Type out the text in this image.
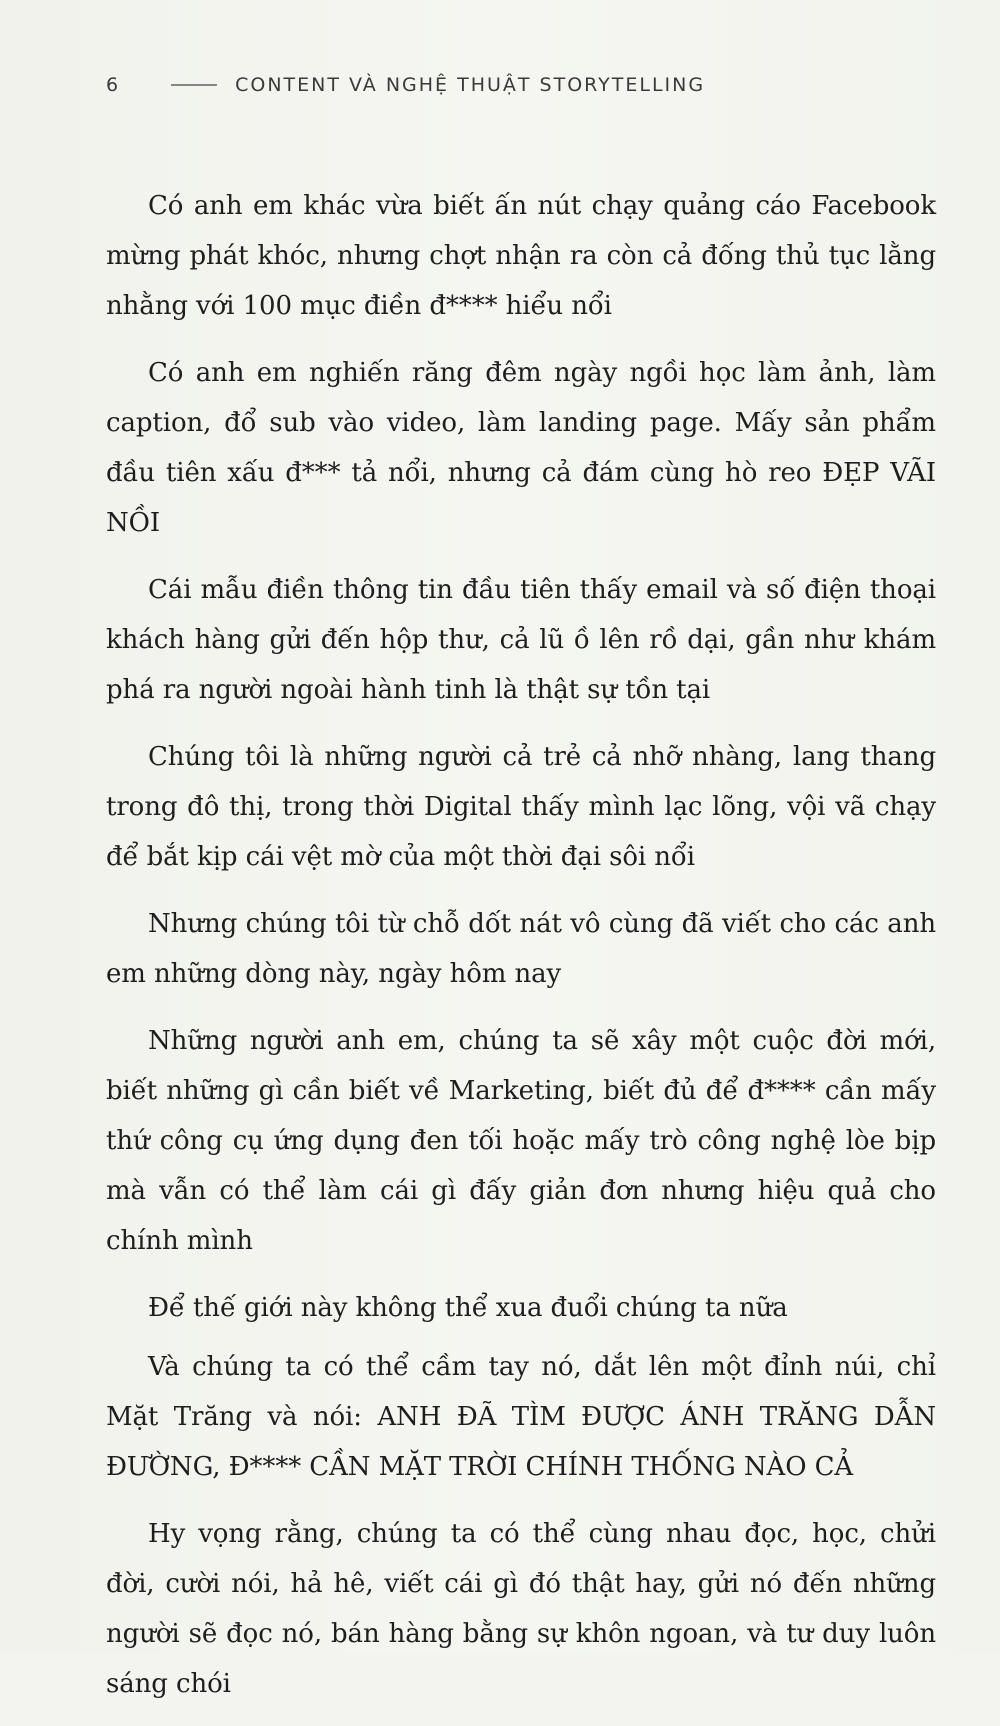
6	CONTENT VÀ NGHỆ THUẬT STORYTELLING

Có anh em khác vừa biết ấn nút chạy quảng cáo Facebook mừng phát khóc, nhưng chợt nhận ra còn cả đống thủ tục lằng nhằng với 100 mục điền đ**** hiểu nổi

Có anh em nghiến răng đêm ngày ngồi học làm ảnh, làm caption, đổ sub vào video, làm landing page. Mấy sản phẩm đầu tiên xấu đ*** tả nổi, nhưng cả đám cùng hò reo ĐẸP VÃI NỒI

Cái mẫu điền thông tin đầu tiên thấy email và số điện thoại khách hàng gửi đến hộp thư, cả lũ ồ lên rồ dại, gần như khám phá ra người ngoài hành tinh là thật sự tồn tại

Chúng tôi là những người cả trẻ cả nhỡ nhàng, lang thang trong đô thị, trong thời Digital thấy mình lạc lõng, vội vã chạy để bắt kịp cái vệt mờ của một thời đại sôi nổi

Nhưng chúng tôi từ chỗ dốt nát vô cùng đã viết cho các anh em những dòng này, ngày hôm nay

Những người anh em, chúng ta sẽ xây một cuộc đời mới, biết những gì cần biết về Marketing, biết đủ để đ**** cần mấy thứ công cụ ứng dụng đen tối hoặc mấy trò công nghệ lòe bịp mà vẫn có thể làm cái gì đấy giản đơn nhưng hiệu quả cho chính mình

Để thế giới này không thể xua đuổi chúng ta nữa

Và chúng ta có thể cầm tay nó, dắt lên một đỉnh núi, chỉ Mặt Trăng và nói: ANH ĐÃ TÌM ĐƯỢC ÁNH TRĂNG DẪN ĐƯỜNG, Đ**** CẦN MẶT TRỜI CHÍNH THỐNG NÀO CẢ

Hy vọng rằng, chúng ta có thể cùng nhau đọc, học, chửi đời, cười nói, hả hê, viết cái gì đó thật hay, gửi nó đến những người sẽ đọc nó, bán hàng bằng sự khôn ngoan, và tư duy luôn sáng chói
